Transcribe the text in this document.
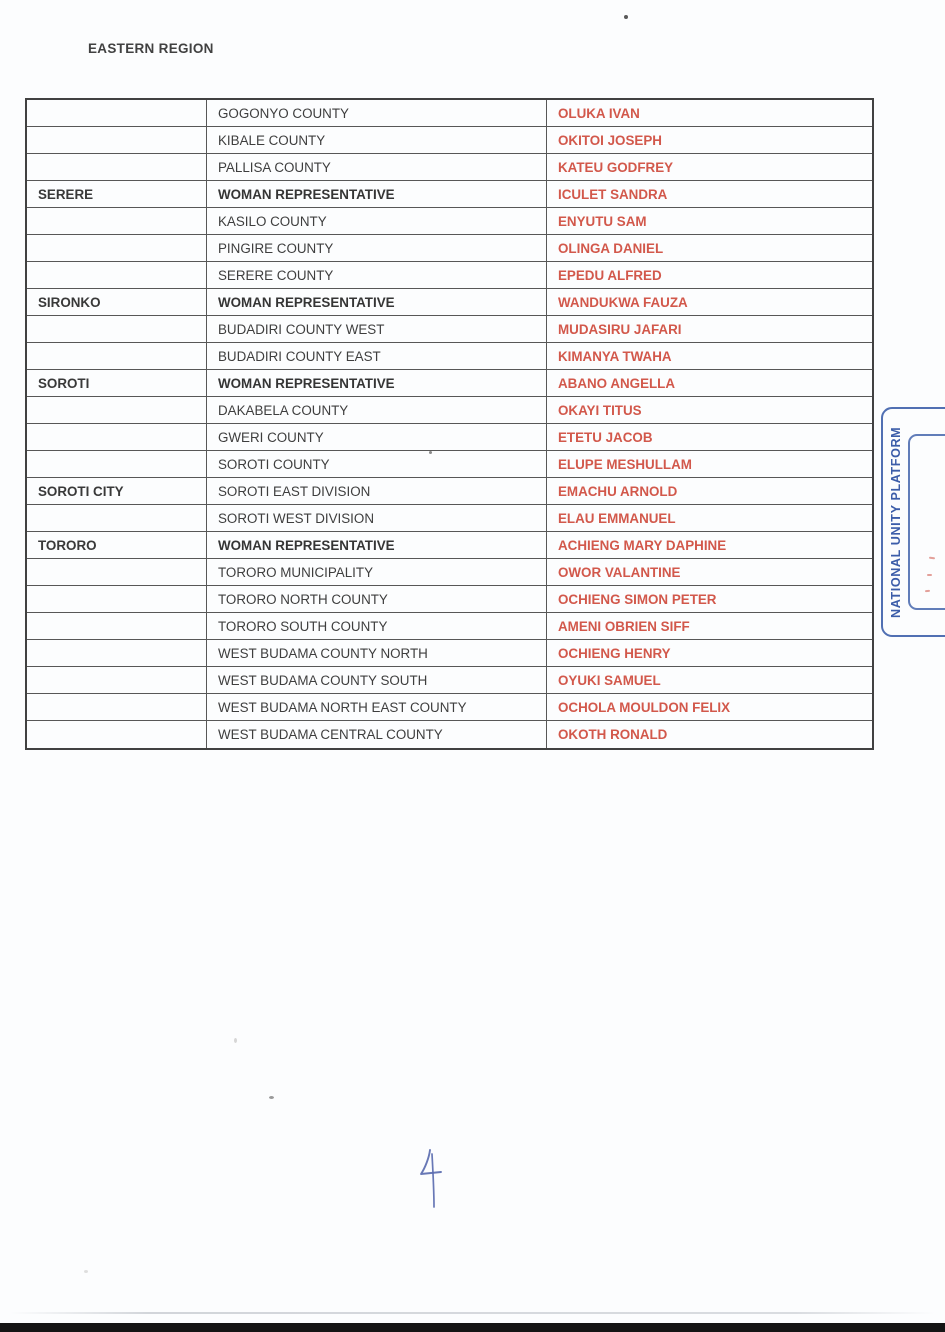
EASTERN REGION
	GOGONYO COUNTY	OLUKA IVAN
	KIBALE COUNTY	OKITOI JOSEPH
	PALLISA COUNTY	KATEU GODFREY
SERERE	WOMAN REPRESENTATIVE	ICULET SANDRA
	KASILO COUNTY	ENYUTU SAM
	PINGIRE COUNTY	OLINGA DANIEL
	SERERE COUNTY	EPEDU ALFRED
SIRONKO	WOMAN REPRESENTATIVE	WANDUKWA FAUZA
	BUDADIRI COUNTY WEST	MUDASIRU JAFARI
	BUDADIRI COUNTY EAST	KIMANYA TWAHA
SOROTI	WOMAN REPRESENTATIVE	ABANO ANGELLA
	DAKABELA COUNTY	OKAYI TITUS
	GWERI COUNTY	ETETU JACOB
	SOROTI COUNTY	ELUPE MESHULLAM
SOROTI CITY	SOROTI EAST DIVISION	EMACHU ARNOLD
	SOROTI WEST DIVISION	ELAU EMMANUEL
TORORO	WOMAN REPRESENTATIVE	ACHIENG MARY DAPHINE
	TORORO MUNICIPALITY	OWOR VALANTINE
	TORORO NORTH COUNTY	OCHIENG SIMON PETER
	TORORO SOUTH COUNTY	AMENI OBRIEN SIFF
	WEST BUDAMA COUNTY NORTH	OCHIENG HENRY
	WEST BUDAMA COUNTY SOUTH	OYUKI SAMUEL
	WEST BUDAMA NORTH EAST COUNTY	OCHOLA MOULDON FELIX
	WEST BUDAMA CENTRAL COUNTY	OKOTH RONALD
NATIONAL UNITY PLATFORM
